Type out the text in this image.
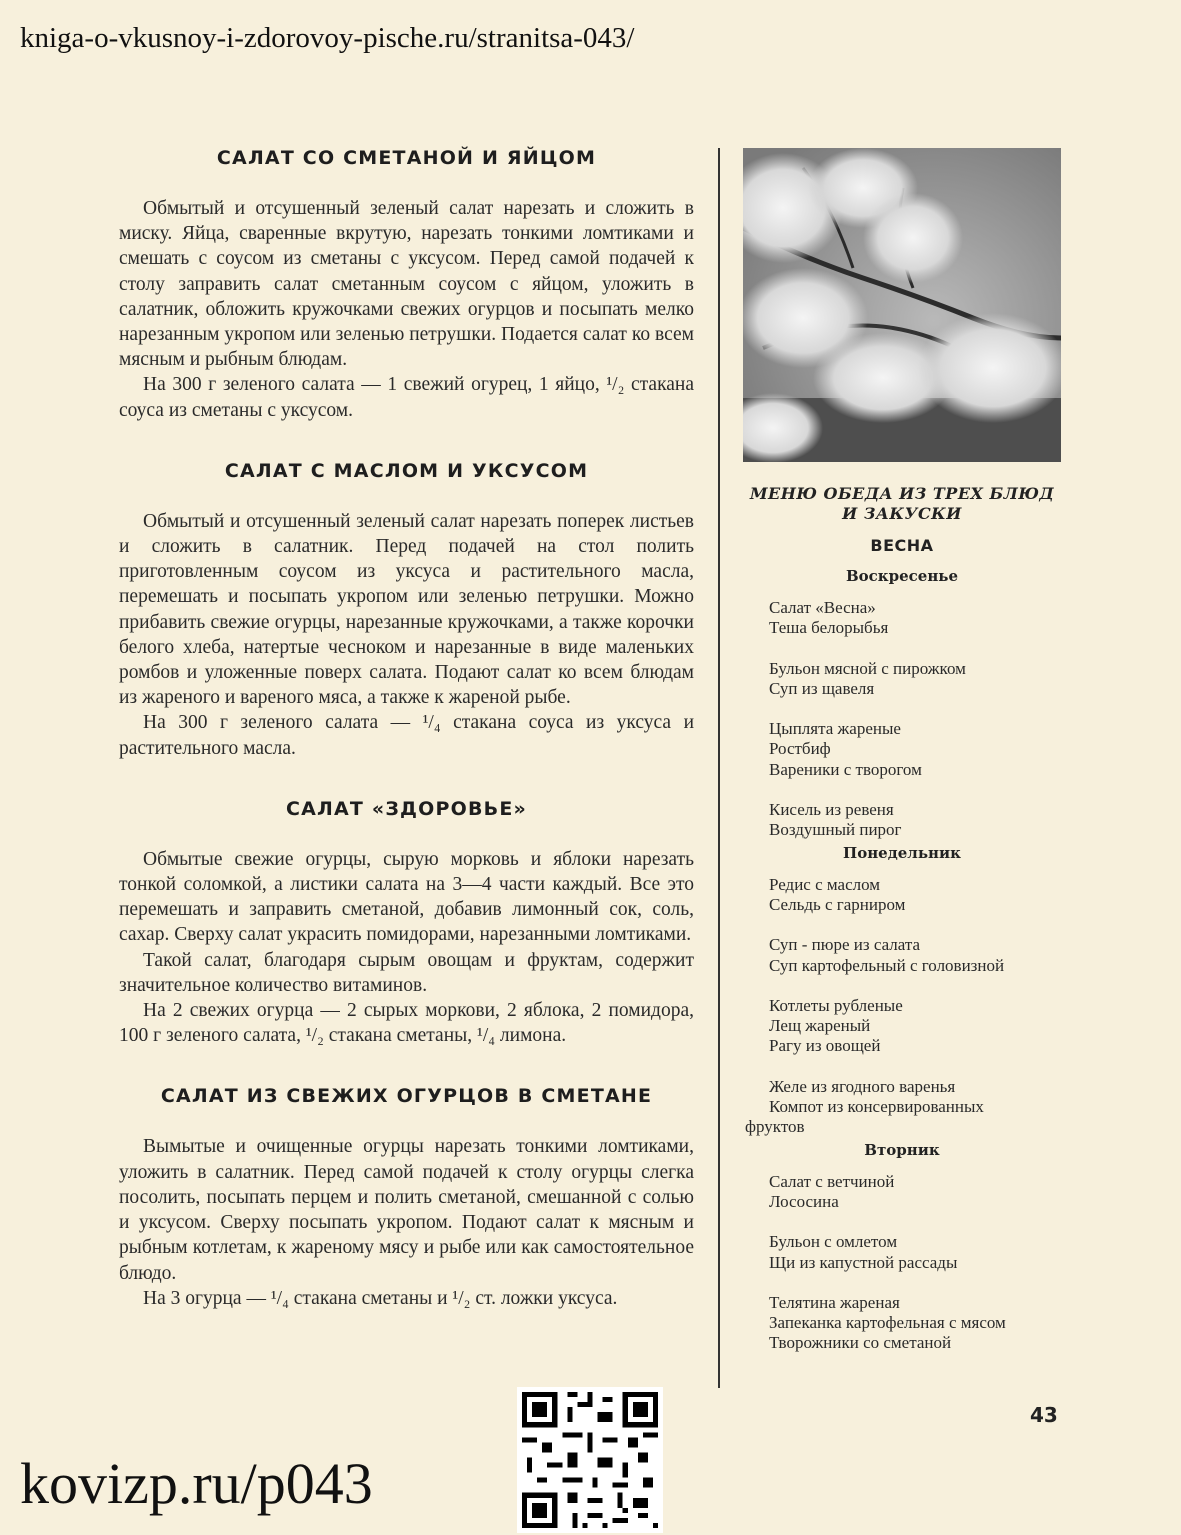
kniga-o-vkusnoy-i-zdorovoy-pische.ru/stranitsa-043/
САЛАТ СО СМЕТАНОЙ И ЯЙЦОМ

Обмытый и отсушенный зеленый салат нарезать и сложить в миску. Яйца, сваренные вкрутую, нарезать тонкими ломтиками и смешать с соусом из сметаны с уксусом. Перед самой подачей к столу заправить салат сметанным соусом с яйцом, уложить в салатник, обложить кружочками свежих огурцов и посыпать мелко нарезанным укропом или зеленью петрушки. Подается салат ко всем мясным и рыбным блюдам.

На 300 г зеленого салата — 1 свежий огурец, 1 яйцо, ¹/₂ стакана соуса из сметаны с уксусом.

САЛАТ С МАСЛОМ И УКСУСОМ

Обмытый и отсушенный зеленый салат нарезать поперек листьев и сложить в салатник. Перед подачей на стол полить приготовленным соусом из уксуса и растительного масла, перемешать и посыпать укропом или зеленью петрушки. Можно прибавить свежие огурцы, нарезанные кружочками, а также корочки белого хлеба, натертые чесноком и нарезанные в виде маленьких ромбов и уложенные поверх салата. Подают салат ко всем блюдам из жареного и вареного мяса, а также к жареной рыбе.

На 300 г зеленого салата — ¹/₄ стакана соуса из уксуса и растительного масла.

САЛАТ «ЗДОРОВЬЕ»

Обмытые свежие огурцы, сырую морковь и яблоки нарезать тонкой соломкой, а листики салата на 3—4 части каждый. Все это перемешать и заправить сметаной, добавив лимонный сок, соль, сахар. Сверху салат украсить помидорами, нарезанными ломтиками.

Такой салат, благодаря сырым овощам и фруктам, содержит значительное количество витаминов.

На 2 свежих огурца — 2 сырых моркови, 2 яблока, 2 помидора, 100 г зеленого салата, ¹/₂ стакана сметаны, ¹/₄ лимона.

САЛАТ ИЗ СВЕЖИХ ОГУРЦОВ В СМЕТАНЕ

Вымытые и очищенные огурцы нарезать тонкими ломтиками, уложить в салатник. Перед самой подачей к столу огурцы слегка посолить, посыпать перцем и полить сметаной, смешанной с солью и уксусом. Сверху посыпать укропом. Подают салат к мясным и рыбным котлетам, к жареному мясу и рыбе или как самостоятельное блюдо.

На 3 огурца — ¹/₄ стакана сметаны и ¹/₂ ст. ложки уксуса.

МЕНЮ ОБЕДА ИЗ ТРЕХ БЛЮД
И ЗАКУСКИ
ВЕСНА
Воскресенье
Салат «Весна»
Теша белорыбья
Бульон мясной с пирожком
Суп из щавеля
Цыплята жареные
Ростбиф
Вареники с творогом
Кисель из ревеня
Воздушный пирог
Понедельник
Редис с маслом
Сельдь с гарниром
Суп - пюре из салата
Суп картофельный с головизной
Котлеты рубленые
Лещ жареный
Рагу из овощей
Желе из ягодного варенья
Компот из консервированных фруктов
Вторник
Салат с ветчиной
Лососина
Бульон с омлетом
Щи из капустной рассады
Телятина жареная
Запеканка картофельная с мясом
Творожники со сметаной
43
kovizp.ru/p043
